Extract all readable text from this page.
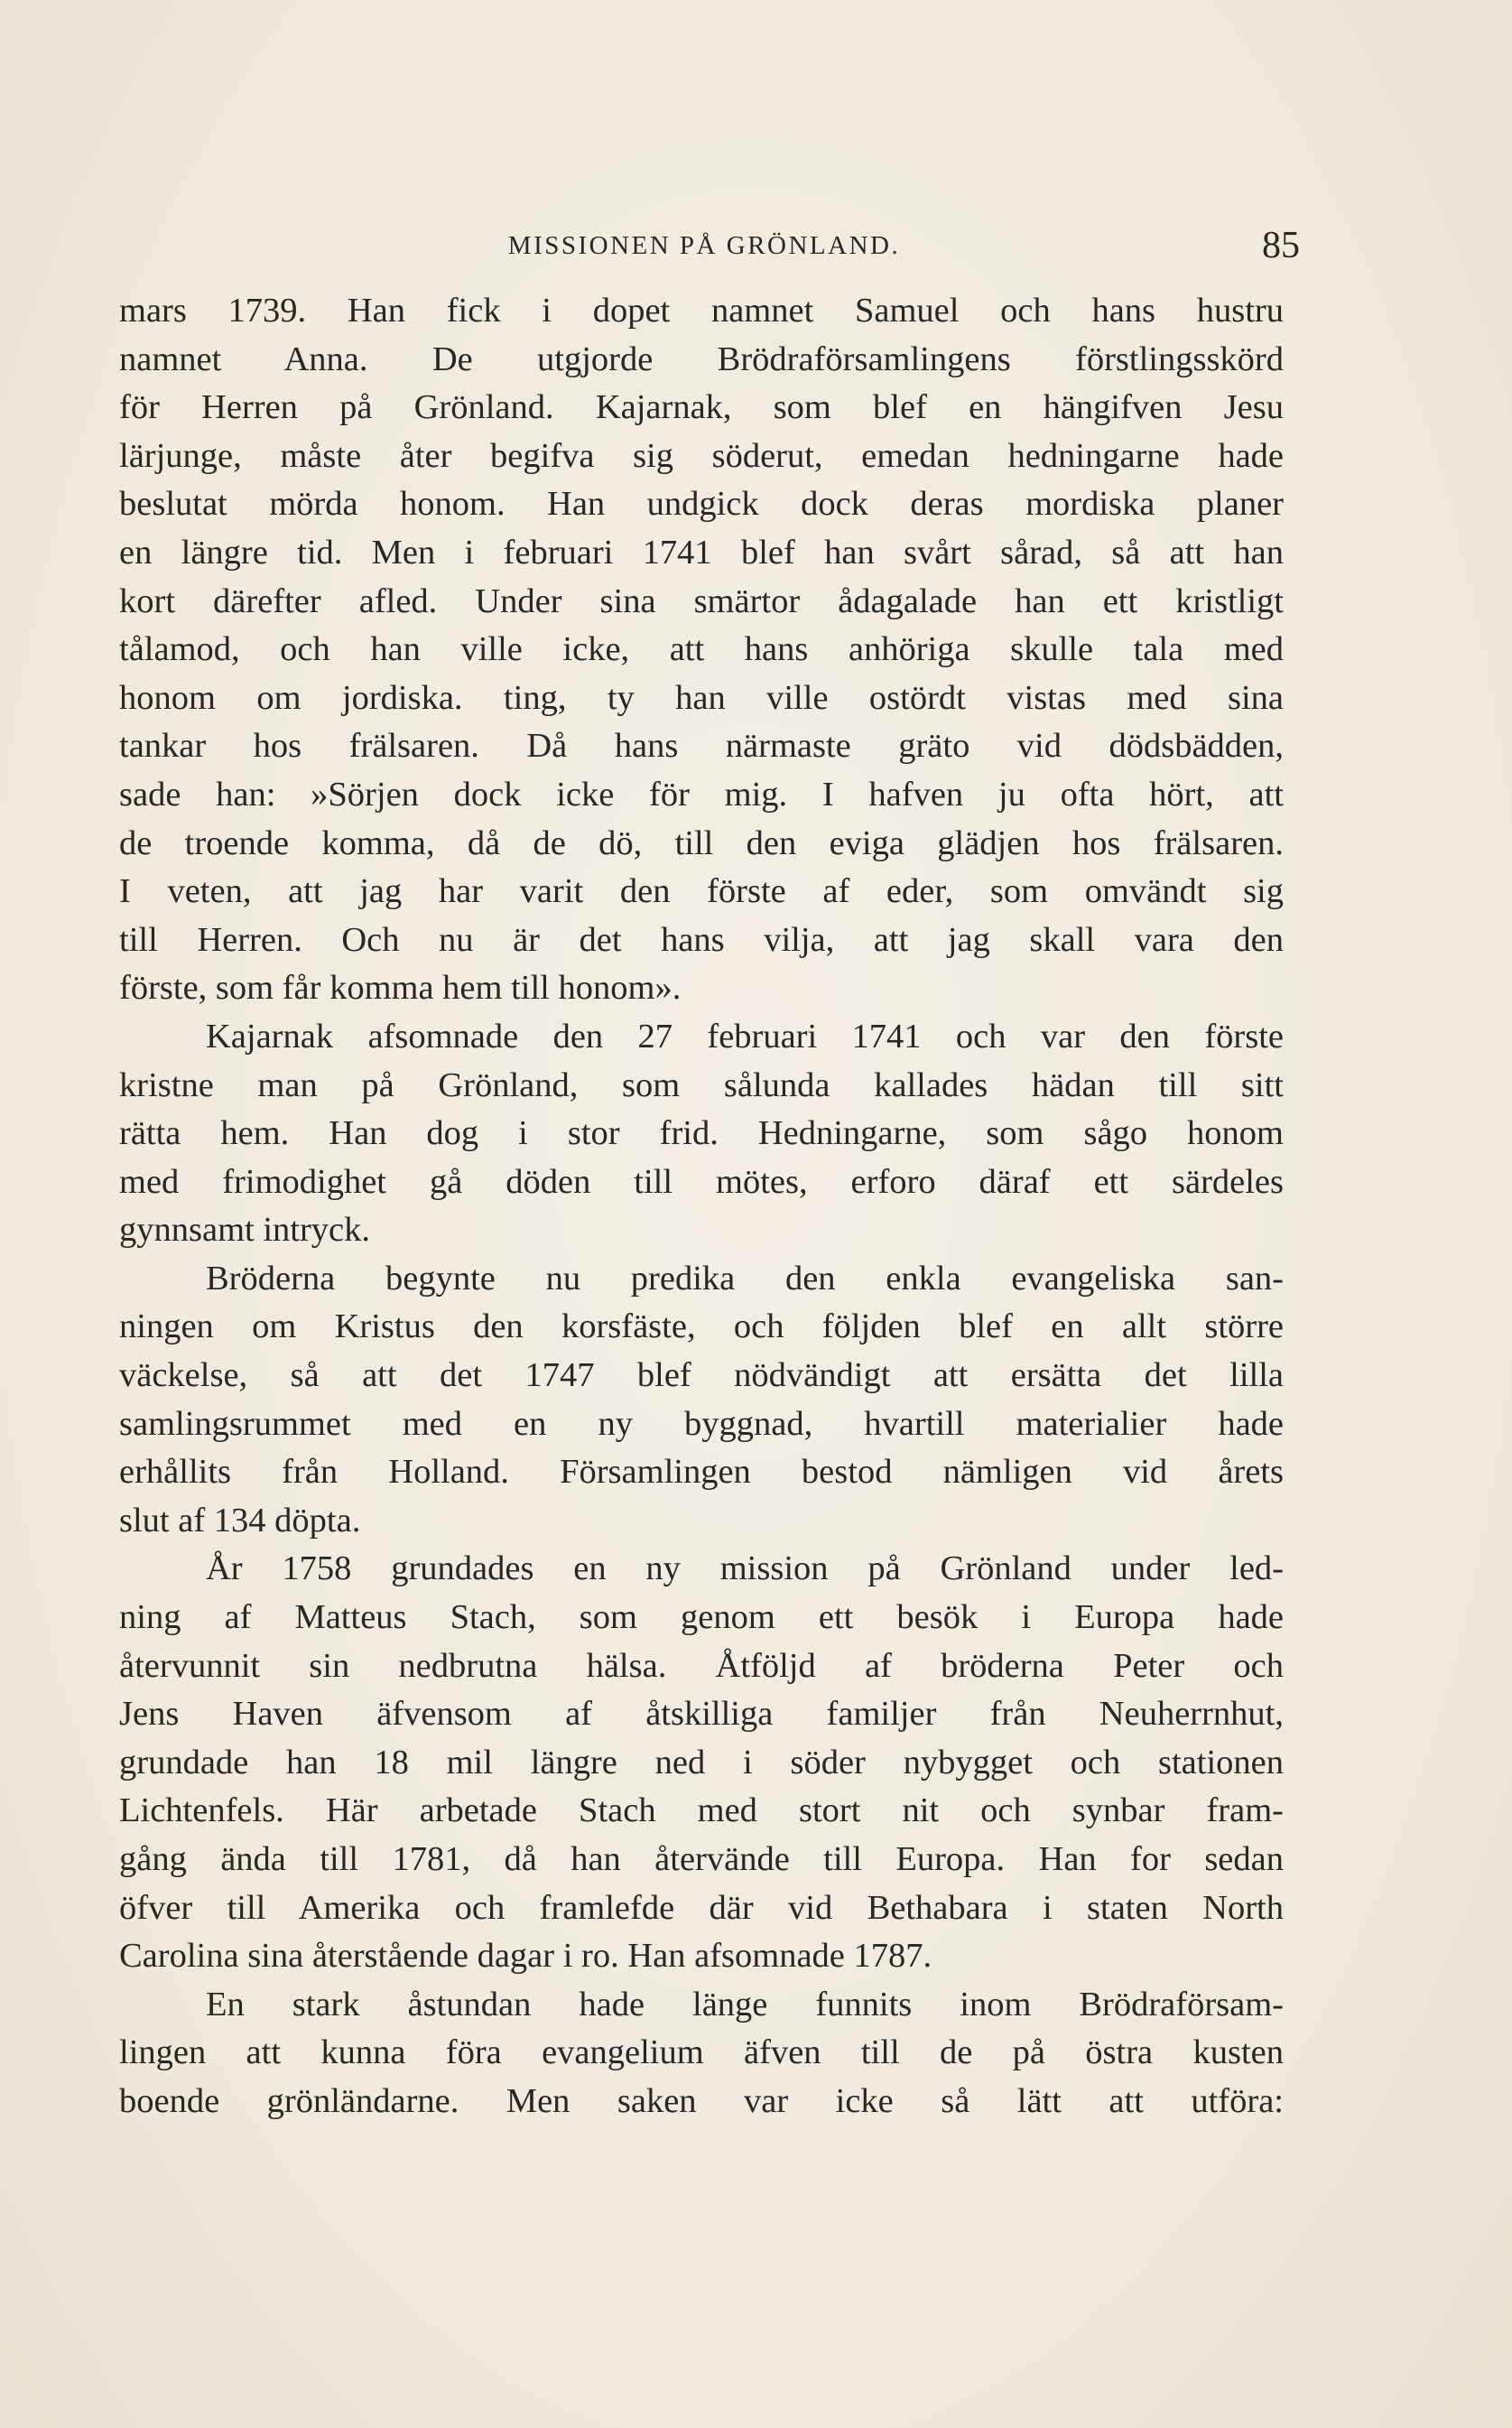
MISSIONEN PÅ GRÖNLAND.	85
mars 1739. Han fick i dopet namnet Samuel och hans hustru
namnet Anna. De utgjorde Brödraförsamlingens förstlingsskörd
för Herren på Grönland. Kajarnak, som blef en hängifven Jesu
lärjunge, måste åter begifva sig söderut, emedan hedningarne hade
beslutat mörda honom. Han undgick dock deras mordiska planer
en längre tid. Men i februari 1741 blef han svårt sårad, så att han
kort därefter afled. Under sina smärtor ådagalade han ett kristligt
tålamod, och han ville icke, att hans anhöriga skulle tala med
honom om jordiska. ting, ty han ville ostördt vistas med sina
tankar hos frälsaren. Då hans närmaste gräto vid dödsbädden,
sade han: »Sörjen dock icke för mig. I hafven ju ofta hört, att
de troende komma, då de dö, till den eviga glädjen hos frälsaren.
I veten, att jag har varit den förste af eder, som omvändt sig
till Herren. Och nu är det hans vilja, att jag skall vara den
förste, som får komma hem till honom».
Kajarnak afsomnade den 27 februari 1741 och var den förste
kristne man på Grönland, som sålunda kallades hädan till sitt
rätta hem. Han dog i stor frid. Hedningarne, som sågo honom
med frimodighet gå döden till mötes, erforo däraf ett särdeles
gynnsamt intryck.
Bröderna begynte nu predika den enkla evangeliska san-
ningen om Kristus den korsfäste, och följden blef en allt större
väckelse, så att det 1747 blef nödvändigt att ersätta det lilla
samlingsrummet med en ny byggnad, hvartill materialier hade
erhållits från Holland. Församlingen bestod nämligen vid årets
slut af 134 döpta.
År 1758 grundades en ny mission på Grönland under led-
ning af Matteus Stach, som genom ett besök i Europa hade
återvunnit sin nedbrutna hälsa. Åtföljd af bröderna Peter och
Jens Haven äfvensom af åtskilliga familjer från Neuherrnhut,
grundade han 18 mil längre ned i söder nybygget och stationen
Lichtenfels. Här arbetade Stach med stort nit och synbar fram-
gång ända till 1781, då han återvände till Europa. Han for sedan
öfver till Amerika och framlefde där vid Bethabara i staten North
Carolina sina återstående dagar i ro. Han afsomnade 1787.
En stark åstundan hade länge funnits inom Brödraförsam-
lingen att kunna föra evangelium äfven till de på östra kusten
boende grönländarne. Men saken var icke så lätt att utföra:
